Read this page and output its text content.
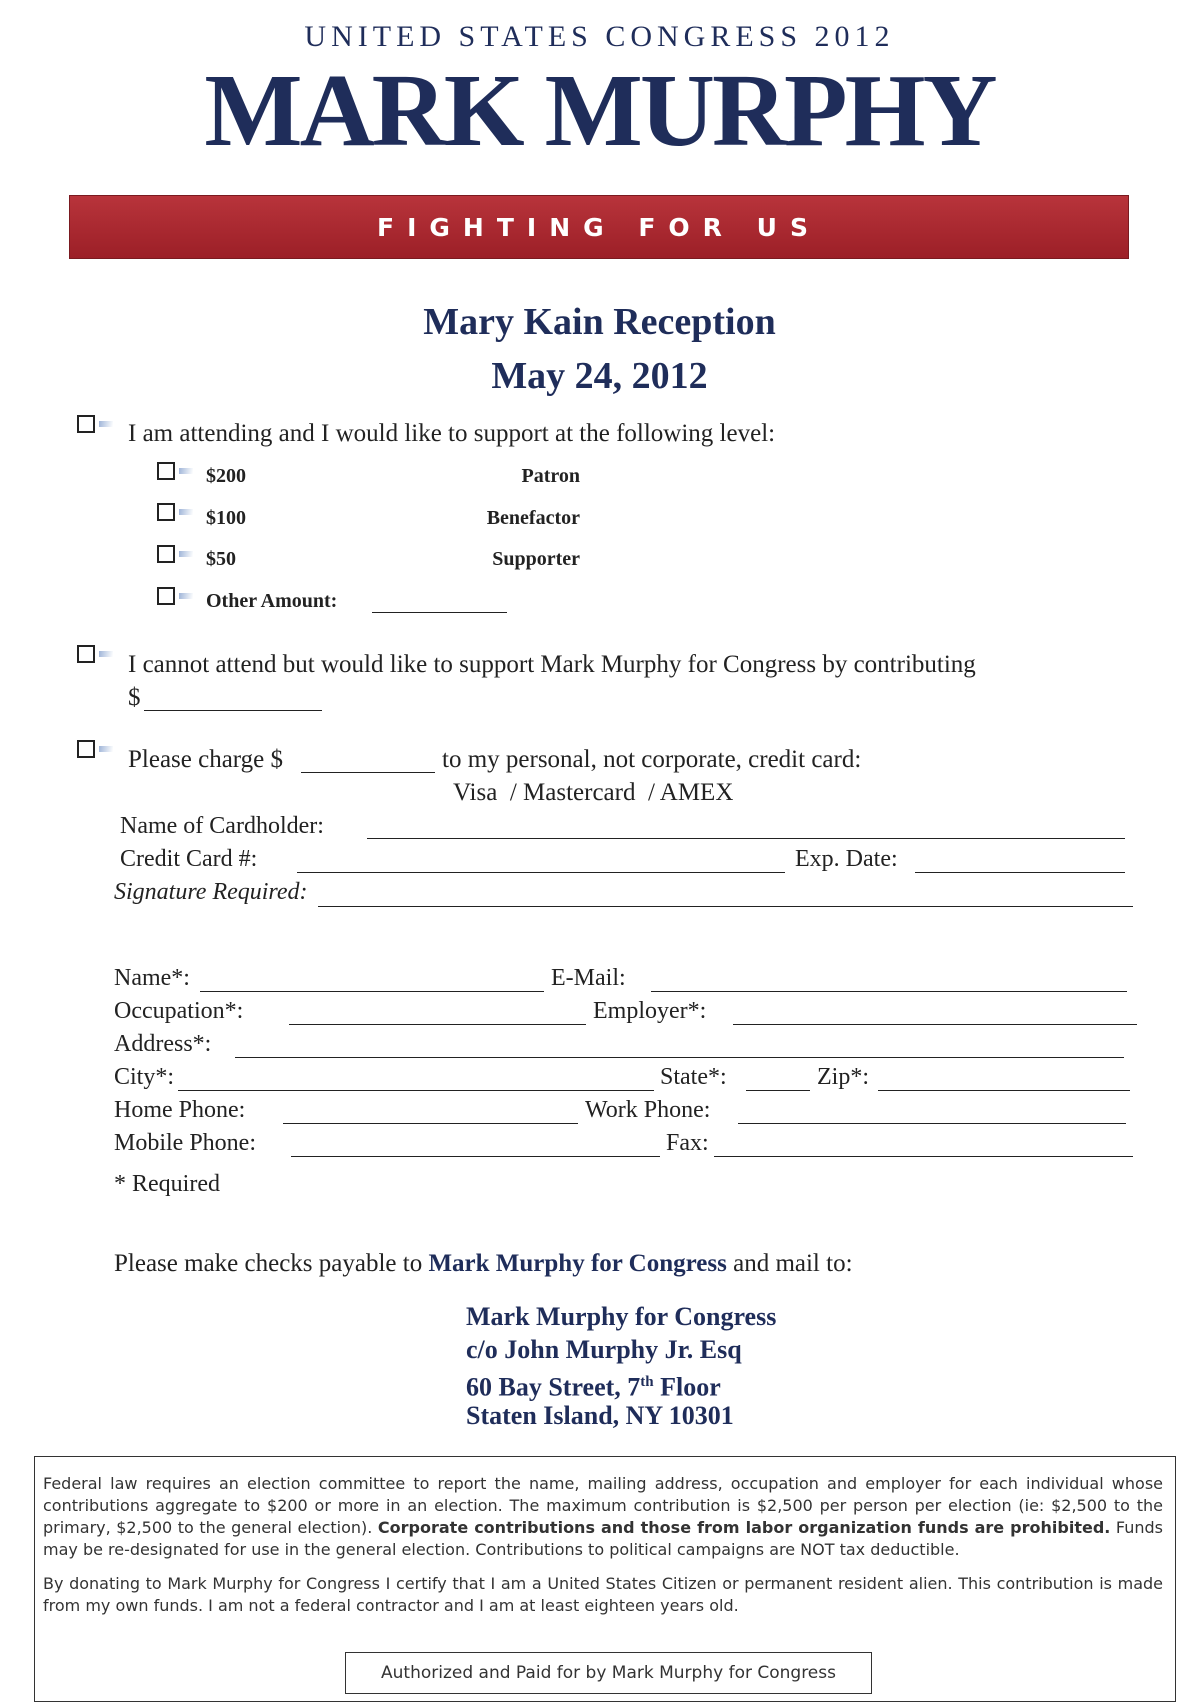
UNITED STATES CONGRESS 2012
MARK MURPHY
FIGHTING FOR US
Mary Kain Reception
May 24, 2012
I am attending and I would like to support at the following level:
$200	Patron
$100	Benefactor
$50	Supporter
Other Amount:
I cannot attend but would like to support Mark Murphy for Congress by contributing
$
Please charge $	to my personal, not corporate, credit card:
Visa  / Mastercard  / AMEX
Name of Cardholder:
Credit Card #:	Exp. Date:
Signature Required:
Name*:	E-Mail:
Occupation*:	Employer*:
Address*:
City*:	State*:	Zip*:
Home Phone:	Work Phone:
Mobile Phone:	Fax:
* Required
Please make checks payable to Mark Murphy for Congress and mail to:
Mark Murphy for Congress
c/o John Murphy Jr. Esq
60 Bay Street, 7th Floor
Staten Island, NY 10301

Federal law requires an election committee to report the name, mailing address, occupation and employer for each individual whose contributions aggregate to $200 or more in an election. The maximum contribution is $2,500 per person per election (ie: $2,500 to the primary, $2,500 to the general election). Corporate contributions and those from labor organization funds are prohibited. Funds may be re-designated for use in the general election. Contributions to political campaigns are NOT tax deductible.

By donating to Mark Murphy for Congress I certify that I am a United States Citizen or permanent resident alien. This contribution is made from my own funds. I am not a federal contractor and I am at least eighteen years old.

Authorized and Paid for by Mark Murphy for Congress
